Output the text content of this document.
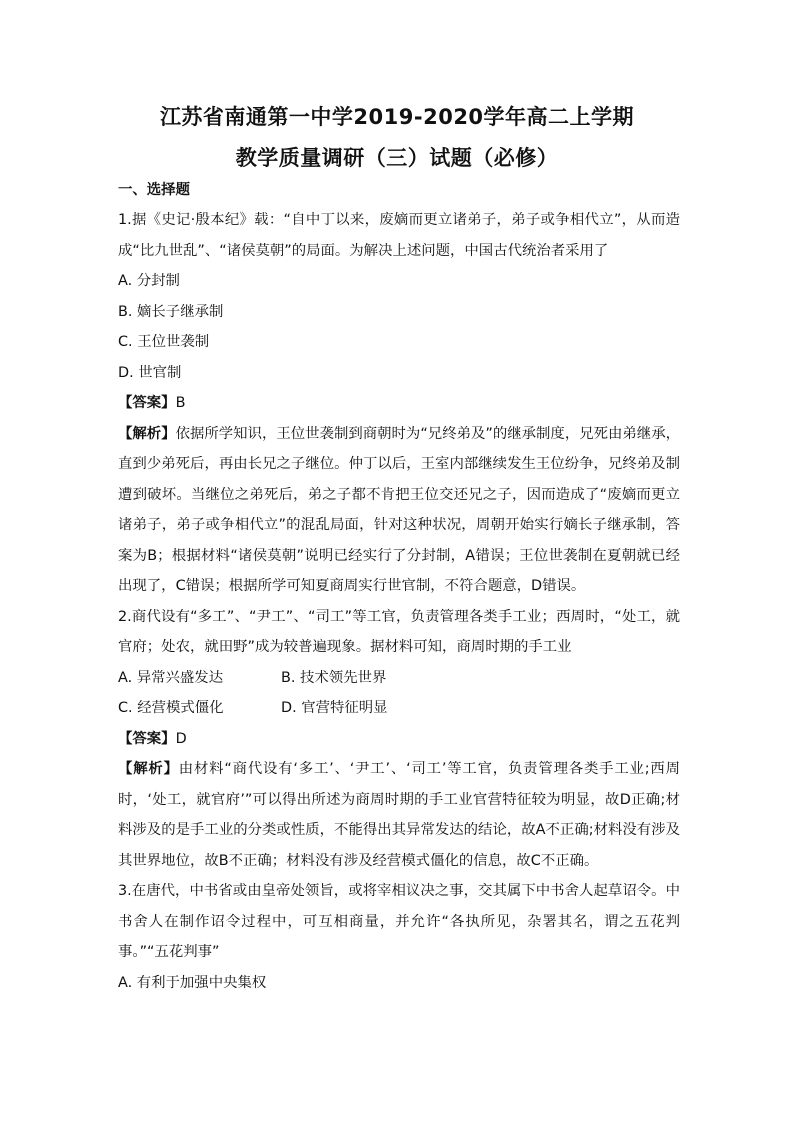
江苏省南通第一中学2019-2020学年高二上学期
教学质量调研（三）试题（必修）

一、选择题

1.据《史记·殷本纪》载：“自中丁以来，废嫡而更立诸弟子，弟子或争相代立”，从而造成“比九世乱”、“诸侯莫朝”的局面。为解决上述问题，中国古代统治者采用了

A. 分封制

B. 嫡长子继承制

C. 王位世袭制

D. 世官制

【答案】B

【解析】依据所学知识，王位世袭制到商朝时为“兄终弟及”的继承制度，兄死由弟继承，直到少弟死后，再由长兄之子继位。仲丁以后，王室内部继续发生王位纷争，兄终弟及制遭到破坏。当继位之弟死后，弟之子都不肯把王位交还兄之子，因而造成了“废嫡而更立诸弟子，弟子或争相代立”的混乱局面，针对这种状况，周朝开始实行嫡长子继承制，答案为B；根据材料“诸侯莫朝”说明已经实行了分封制，A错误；王位世袭制在夏朝就已经出现了，C错误；根据所学可知夏商周实行世官制，不符合题意，D错误。

2.商代设有“多工”、“尹工”、“司工”等工官，负责管理各类手工业；西周时，“处工，就官府；处农，就田野”成为较普遍现象。据材料可知，商周时期的手工业

A. 异常兴盛发达	B. 技术领先世界
C. 经营模式僵化	D. 官营特征明显

【答案】D

【解析】由材料“商代设有‘多工’、‘尹工’、‘司工’等工官，负责管理各类手工业;西周时，‘处工，就官府’”可以得出所述为商周时期的手工业官营特征较为明显，故D正确;材料涉及的是手工业的分类或性质，不能得出其异常发达的结论，故A不正确;材料没有涉及其世界地位，故B不正确；材料没有涉及经营模式僵化的信息，故C不正确。

3.在唐代，中书省或由皇帝处领旨，或将宰相议决之事，交其属下中书舍人起草诏令。中书舍人在制作诏令过程中，可互相商量，并允许“各执所见，杂署其名，谓之五花判事。”“五花判事”

A. 有利于加强中央集权
